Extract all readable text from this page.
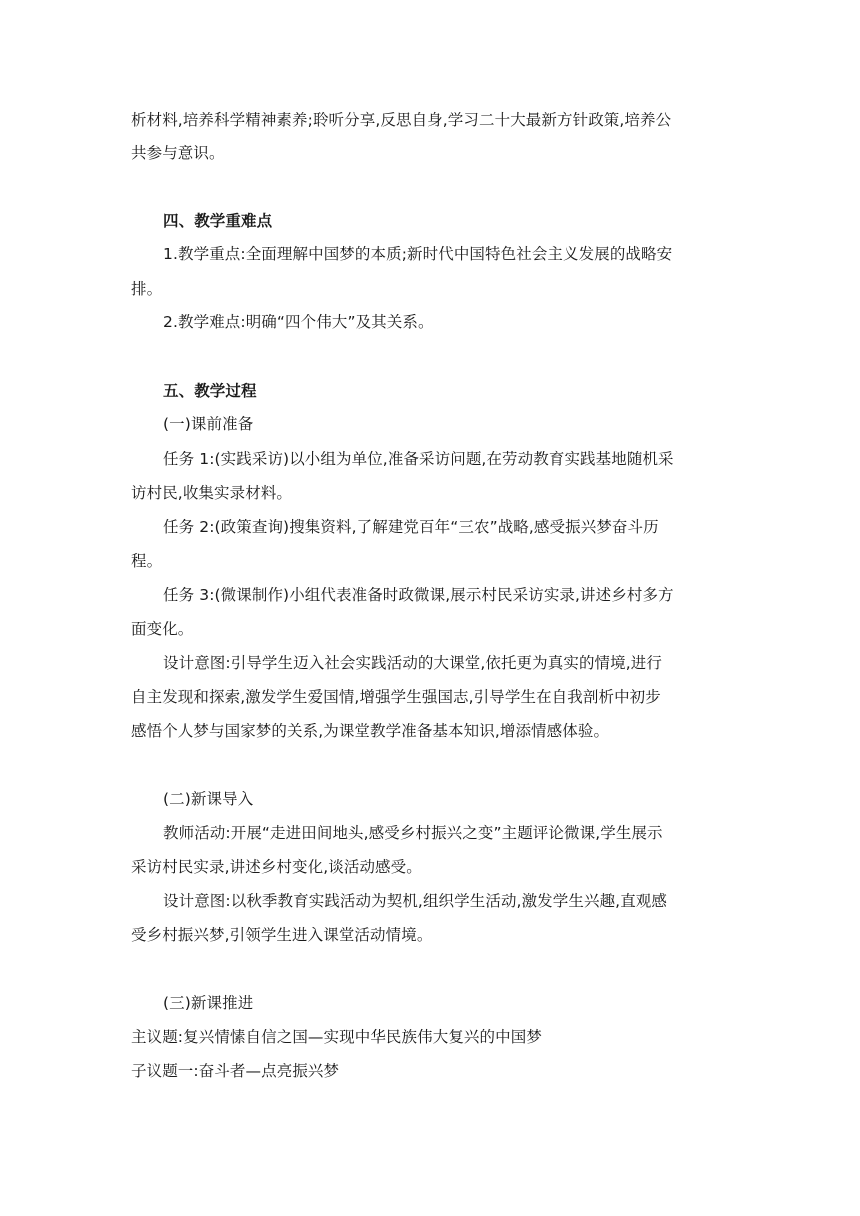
析材料,培养科学精神素养;聆听分享,反思自身,学习二十大最新方针政策,培养公
共参与意识。
四、教学重难点
1.教学重点:全面理解中国梦的本质;新时代中国特色社会主义发展的战略安
排。
2.教学难点:明确“四个伟大”及其关系。
五、教学过程
(一)课前准备
任务 1:(实践采访)以小组为单位,准备采访问题,在劳动教育实践基地随机采
访村民,收集实录材料。
任务 2:(政策查询)搜集资料,了解建党百年“三农”战略,感受振兴梦奋斗历
程。
任务 3:(微课制作)小组代表准备时政微课,展示村民采访实录,讲述乡村多方
面变化。
设计意图:引导学生迈入社会实践活动的大课堂,依托更为真实的情境,进行
自主发现和探索,激发学生爱国情,增强学生强国志,引导学生在自我剖析中初步
感悟个人梦与国家梦的关系,为课堂教学准备基本知识,增添情感体验。
(二)新课导入
教师活动:开展“走进田间地头,感受乡村振兴之变”主题评论微课,学生展示
采访村民实录,讲述乡村变化,谈活动感受。
设计意图:以秋季教育实践活动为契机,组织学生活动,激发学生兴趣,直观感
受乡村振兴梦,引领学生进入课堂活动情境。
(三)新课推进
主议题:复兴情愫自信之国—实现中华民族伟大复兴的中国梦
子议题一:奋斗者—点亮振兴梦
